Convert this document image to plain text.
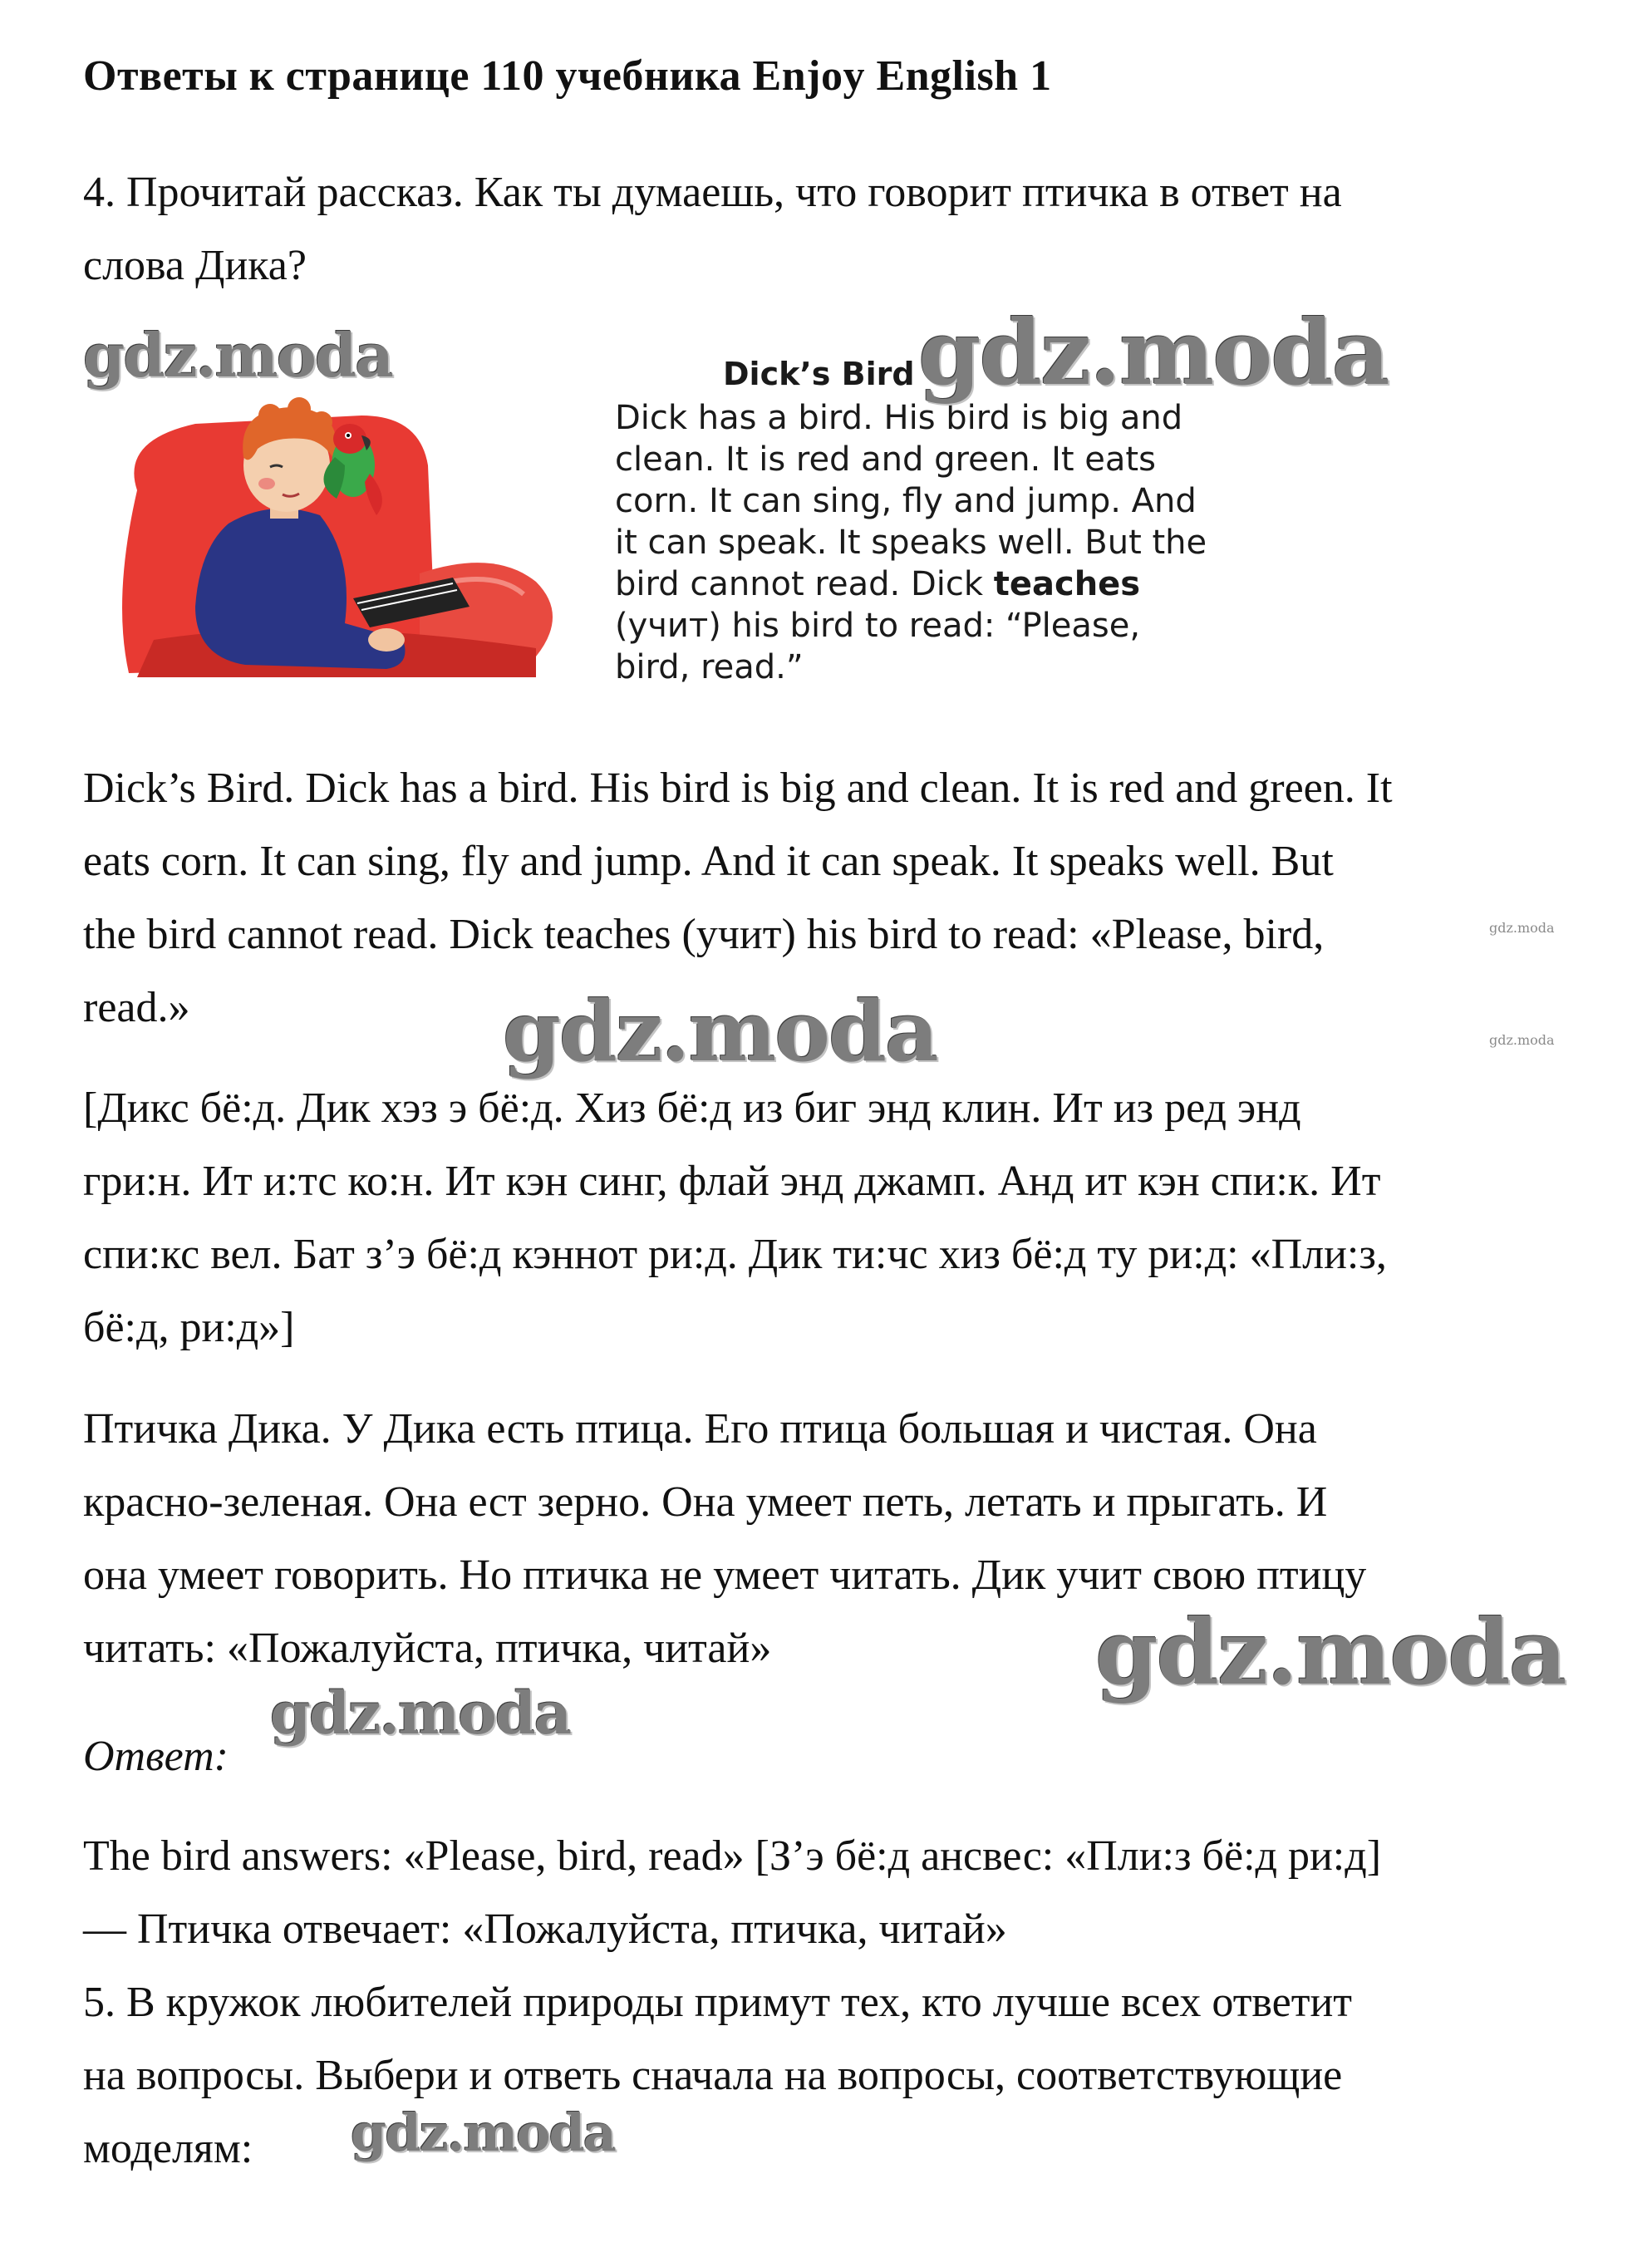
Ответы к странице 110 учебника Enjoy English 1

4. Прочитай рассказ. Как ты думаешь, что говорит птичка в ответ на
слова Дика?

Dick’s Bird

Dick has a bird. His bird is big and
clean. It is red and green. It eats
corn. It can sing, fly and jump. And
it can speak. It speaks well. But the
bird cannot read. Dick teaches
(учит) his bird to read: “Please,
bird, read.”

Dick’s Bird. Dick has a bird. His bird is big and clean. It is red and green. It
eats corn. It can sing, fly and jump. And it can speak. It speaks well. But
the bird cannot read. Dick teaches (учит) his bird to read: «Please, bird,
read.»

[Дикс бё:д. Дик хэз э бё:д. Хиз бё:д из биг энд клин. Ит из ред энд
гри:н. Ит и:тс ко:н. Ит кэн синг, флай энд джамп. Анд ит кэн спи:к. Ит
спи:кс вел. Бат з’э бё:д кэннот ри:д. Дик ти:чс хиз бё:д ту ри:д: «Пли:з,
бё:д, ри:д»]

Птичка Дика. У Дика есть птица. Его птица большая и чистая. Она
красно-зеленая. Она ест зерно. Она умеет петь, летать и прыгать. И
она умеет говорить. Но птичка не умеет читать. Дик учит свою птицу
читать: «Пожалуйста, птичка, читай»

Ответ:

The bird answers: «Please, bird, read» [З’э бё:д ансвес: «Пли:з бё:д ри:д]
— Птичка отвечает: «Пожалуйста, птичка, читай»

5. В кружок любителей природы примут тех, кто лучше всех ответит
на вопросы. Выбери и ответь сначала на вопросы, соответствующие
моделям:

gdz.moda	gdz.moda
gdz.moda
gdz.moda
gdz.moda
gdz.moda
gdz.moda
gdz.moda
